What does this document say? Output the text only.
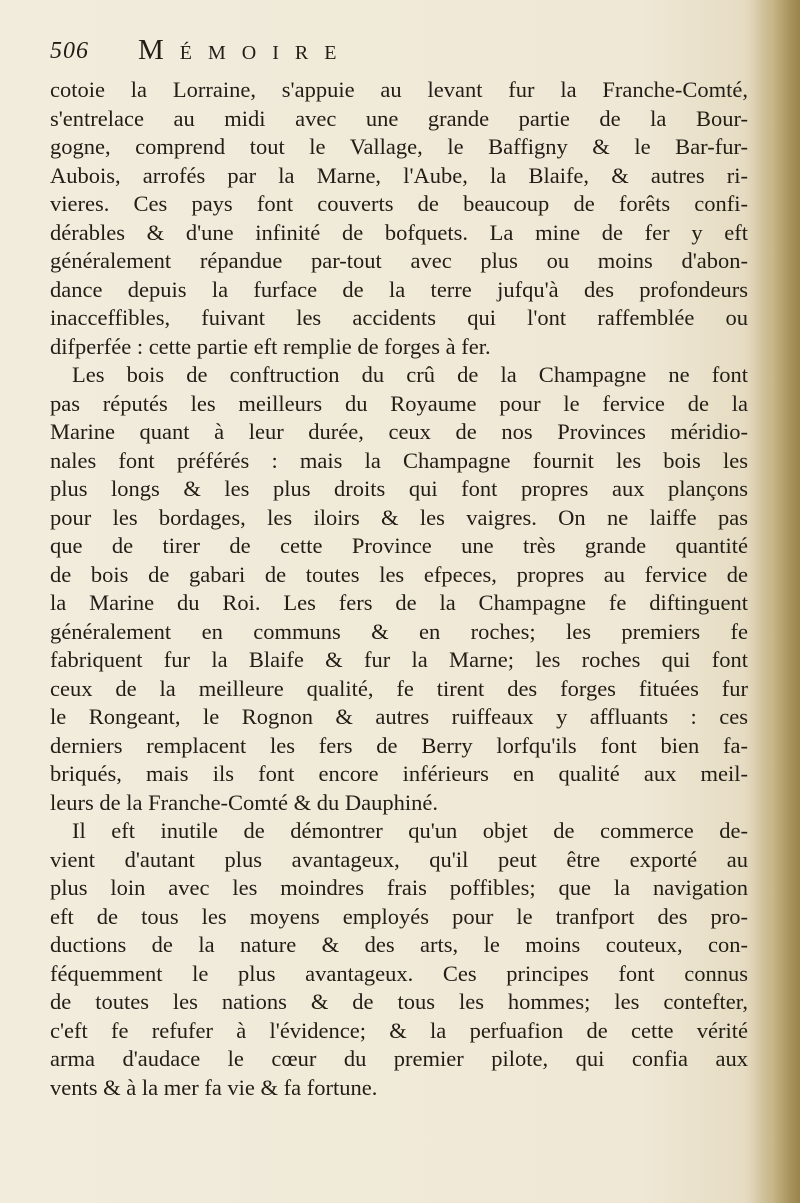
506 Mémoire
cotoie la Lorraine, s'appuie au levant fur la Franche-Comté,
s'entrelace au midi avec une grande partie de la Bour-
gogne, comprend tout le Vallage, le Baffigny & le Bar-fur-
Aubois, arrofés par la Marne, l'Aube, la Blaife, & autres ri-
vieres. Ces pays font couverts de beaucoup de forêts confi-
dérables & d'une infinité de bofquets. La mine de fer y eft
généralement répandue par-tout avec plus ou moins d'abon-
dance depuis la furface de la terre jufqu'à des profondeurs
inacceffibles, fuivant les accidents qui l'ont raffemblée ou
difperfée : cette partie eft remplie de forges à fer.
Les bois de conftruction du crû de la Champagne ne font
pas réputés les meilleurs du Royaume pour le fervice de la
Marine quant à leur durée, ceux de nos Provinces méridio-
nales font préférés : mais la Champagne fournit les bois les
plus longs & les plus droits qui font propres aux plançons
pour les bordages, les iloirs & les vaigres. On ne laiffe pas
que de tirer de cette Province une très grande quantité
de bois de gabari de toutes les efpeces, propres au fervice de
la Marine du Roi. Les fers de la Champagne fe diftinguent
généralement en communs & en roches; les premiers fe
fabriquent fur la Blaife & fur la Marne; les roches qui font
ceux de la meilleure qualité, fe tirent des forges fituées fur
le Rongeant, le Rognon & autres ruiffeaux y affluants : ces
derniers remplacent les fers de Berry lorfqu'ils font bien fa-
briqués, mais ils font encore inférieurs en qualité aux meil-
leurs de la Franche-Comté & du Dauphiné.
Il eft inutile de démontrer qu'un objet de commerce de-
vient d'autant plus avantageux, qu'il peut être exporté au
plus loin avec les moindres frais poffibles; que la navigation
eft de tous les moyens employés pour le tranfport des pro-
ductions de la nature & des arts, le moins couteux, con-
féquemment le plus avantageux. Ces principes font connus
de toutes les nations & de tous les hommes; les contefter,
c'eft fe refufer à l'évidence; & la perfuafion de cette vérité
arma d'audace le cœur du premier pilote, qui confia aux
vents & à la mer fa vie & fa fortune.
